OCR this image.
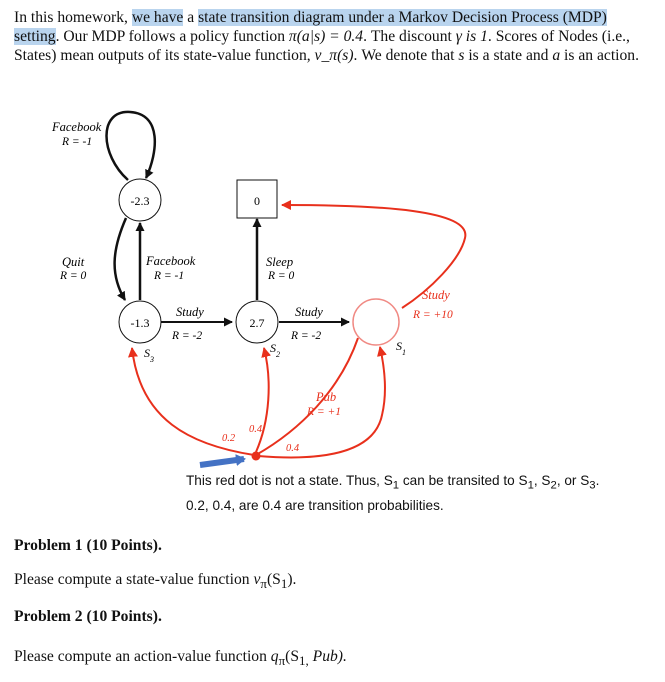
In this homework, we have a state transition diagram under a Markov Decision Process (MDP) setting. Our MDP follows a policy function π(a|s) = 0.4. The discount γ is 1. Scores of Nodes (i.e., States) mean outputs of its state-value function, v_π(s). We denote that s is a state and a is an action.
-2.3	0
-1.3	2.7
$S_3$
$S_2$
$S_1$
Facebook
R = -1
Quit
R = 0
Facebook
R = -1
Study
R = -2
Sleep
R = 0
Study
R = -2
Study
R = +10
Pub
R = +1
0.2
0.4
0.4
This red dot is not a state. Thus, $S_1$ can be transited to $S_1$, $S_2$, or $S_3$.
0.2, 0.4, are 0.4 are transition probabilities.
Problem 1 (10 Points).
Please compute a state-value function $v_\pi(S_1)$.
Problem 2 (10 Points).
Please compute an action-value function $q_\pi(S_{1,}$ Pub).
